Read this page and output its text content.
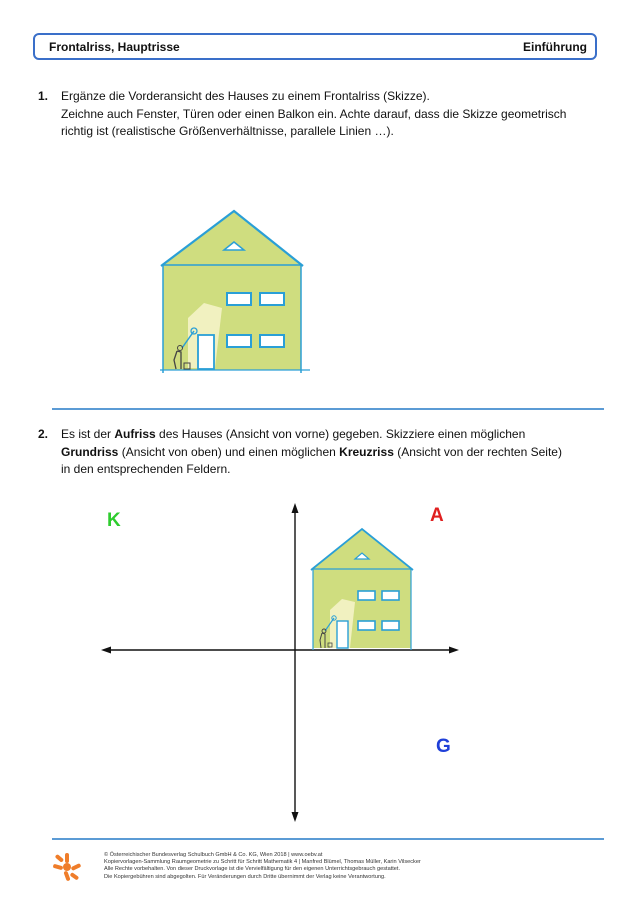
Frontalriss, Hauptrisse	Einführung
1. Ergänze die Vorderansicht des Hauses zu einem Frontalriss (Skizze).
Zeichne auch Fenster, Türen oder einen Balkon ein. Achte darauf, dass die Skizze geometrisch
richtig ist (realistische Größenverhältnisse, parallele Linien …).
2. Es ist der Aufriss des Hauses (Ansicht von vorne) gegeben. Skizziere einen möglichen
Grundriss (Ansicht von oben) und einen möglichen Kreuzriss (Ansicht von der rechten Seite)
in den entsprechenden Feldern.
K	A
G
© Österreichischer Bundesverlag Schulbuch GmbH & Co. KG, Wien 2018 | www.oebv.at
Kopiervorlagen-Sammlung Raumgeometrie zu Schritt für Schritt Mathematik 4 | Manfred Blümel, Thomas Müller, Karin Vilsecker
Alle Rechte vorbehalten. Von dieser Druckvorlage ist die Vervielfältigung für den eigenen Unterrichtsgebrauch gestattet.
Die Kopiergebühren sind abgegolten. Für Veränderungen durch Dritte übernimmt der Verlag keine Verantwortung.
